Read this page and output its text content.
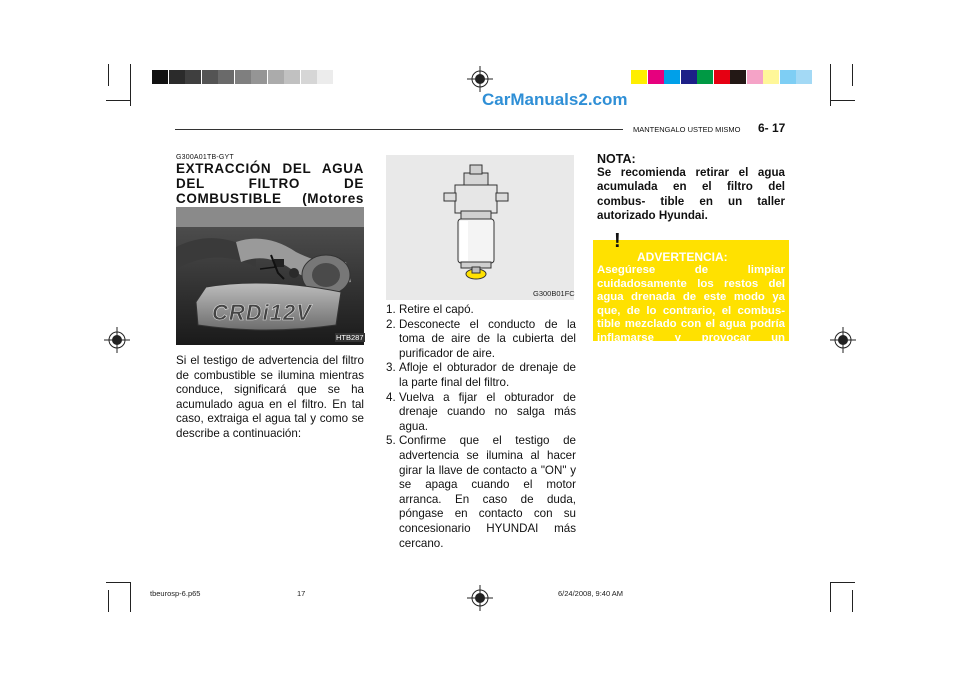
CarManuals2.com
MANTENGALO USTED MISMO 6- 17
G300A01TB-GYT
EXTRACCIÓN DEL AGUA DEL FILTRO DE COMBUSTIBLE (Motores
CRDi12V
HTB287
Si el testigo de advertencia del filtro de combustible se ilumina mientras conduce, significará que se ha acumulado agua en el filtro. En tal caso, extraiga el agua tal y como se describe a continuación:
G300B01FC
1. Retire el capó.
2. Desconecte el conducto de la toma de aire de la cubierta del purificador de aire.
3. Afloje el obturador de drenaje de la parte final del filtro.
4. Vuelva a fijar el obturador de drenaje cuando no salga más agua.
5. Confirme que el testigo de advertencia se ilumina al hacer girar la llave de contacto a "ON" y se apaga cuando el motor arranca. En caso de duda, póngase en contacto con su concesionario HYUNDAI más cercano.
NOTA:
Se recomienda retirar el agua acumulada en el filtro del combus- tible en un taller autorizado Hyundai.
!
ADVERTENCIA:
Asegúrese de limpiar cuidadosamente los restos del agua drenada de este modo ya que, de lo contrario, el combus- tible mezclado con el agua podría inflamarse y provocar un incendio.
tbeurosp-6.p65	17	6/24/2008, 9:40 AM
